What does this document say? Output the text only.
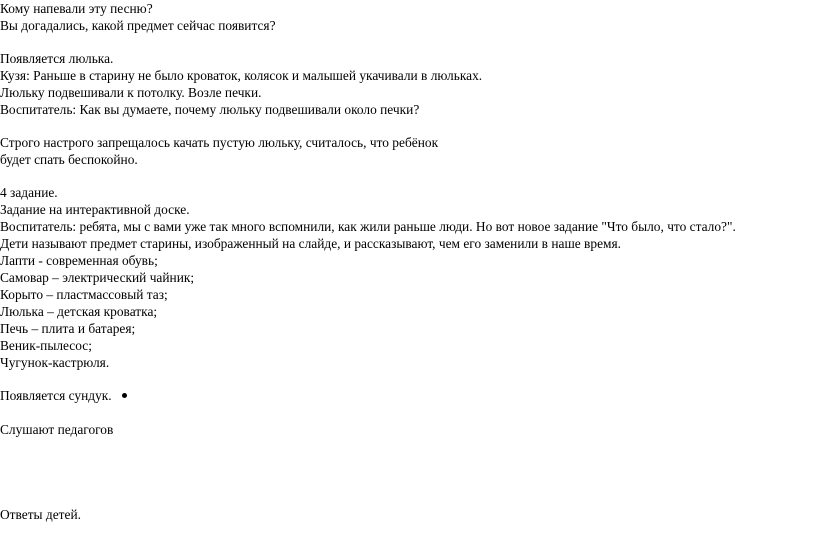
Кому напевали эту песню?
Вы догадались, какой предмет сейчас появится?
Появляется люлька.
Кузя: Раньше в старину не было кроваток, колясок и малышей укачивали в люльках.
Люльку подвешивали к потолку. Возле печки.
Воспитатель: Как вы думаете, почему люльку подвешивали около печки?
Строго настрого запрещалось качать пустую люльку, считалось, что ребёнок
будет спать беспокойно.
4 задание.
Задание на интерактивной доске.
Воспитатель: ребята, мы с вами уже так много вспомнили, как жили раньше люди. Но вот новое задание "Что было, что стало?".
Дети называют предмет старины, изображенный на слайде, и рассказывают, чем его заменили в наше время.
Лапти - современная обувь;
Самовар – электрический чайник;
Корыто – пластмассовый таз;
Люлька – детская кроватка;
Печь – плита и батарея;
Веник-пылесос;
Чугунок-кастрюля.
Появляется сундук.
Слушают педагогов
Ответы детей.
